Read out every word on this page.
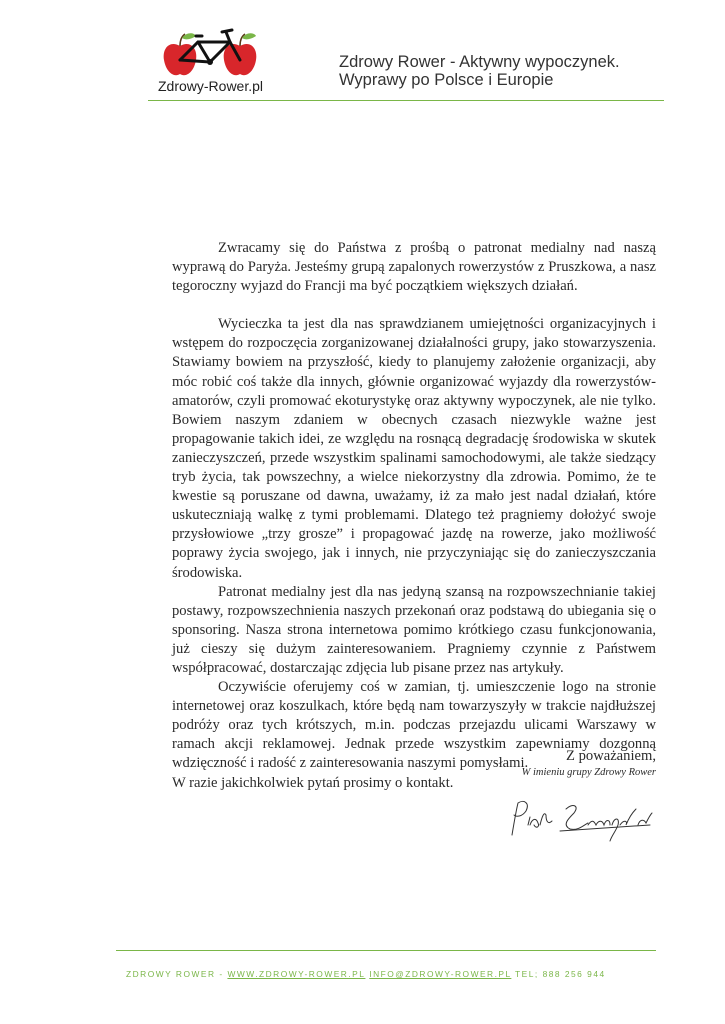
Zdrowy-Rower.pl
Zdrowy Rower - Aktywny wypoczynek.
Wyprawy po Polsce i Europie

Zwracamy się do Państwa z prośbą o patronat medialny nad naszą wyprawą do Paryża. Jesteśmy grupą zapalonych rowerzystów z Pruszkowa, a nasz tegoroczny wyjazd do Francji ma być początkiem większych działań.

Wycieczka ta jest dla nas sprawdzianem umiejętności organizacyjnych i wstępem do rozpoczęcia zorganizowanej działalności grupy, jako stowarzyszenia. Stawiamy bowiem na przyszłość, kiedy to planujemy założenie organizacji, aby móc robić coś także dla innych, głównie organizować wyjazdy dla rowerzystów-amatorów, czyli promować ekoturystykę oraz aktywny wypoczynek, ale nie tylko. Bowiem naszym zdaniem w obecnych czasach niezwykle ważne jest propagowanie takich idei, ze względu na rosnącą degradację środowiska w skutek zanieczyszczeń, przede wszystkim spalinami samochodowymi, ale także siedzący tryb życia, tak powszechny, a wielce niekorzystny dla zdrowia. Pomimo, że te kwestie są poruszane od dawna, uważamy, iż za mało jest nadal działań, które uskuteczniają walkę z tymi problemami. Dlatego też pragniemy dołożyć swoje przysłowiowe „trzy grosze” i propagować jazdę na rowerze, jako możliwość poprawy życia swojego, jak i innych, nie przyczyniając się do zanieczyszczania środowiska.

Patronat medialny jest dla nas jedyną szansą na rozpowszechnianie takiej postawy, rozpowszechnienia naszych przekonań oraz podstawą do ubiegania się o sponsoring. Nasza strona internetowa pomimo krótkiego czasu funkcjonowania, już cieszy się dużym zainteresowaniem. Pragniemy czynnie z Państwem współpracować, dostarczając zdjęcia lub pisane przez nas artykuły.

Oczywiście oferujemy coś w zamian, tj. umieszczenie logo na stronie internetowej oraz koszulkach, które będą nam towarzyszyły w trakcie najdłuższej podróży oraz tych krótszych, m.in. podczas przejazdu ulicami Warszawy w ramach akcji reklamowej. Jednak przede wszystkim zapewniamy dozgonną wdzięczność i radość z zainteresowania naszymi pomysłami.

W razie jakichkolwiek pytań prosimy o kontakt.

Z poważaniem,
W imieniu grupy Zdrowy Rower
ZDROWY ROWER - WWW.ZDROWY-ROWER.PL INFO@ZDROWY-ROWER.PL TEL; 888 256 944
